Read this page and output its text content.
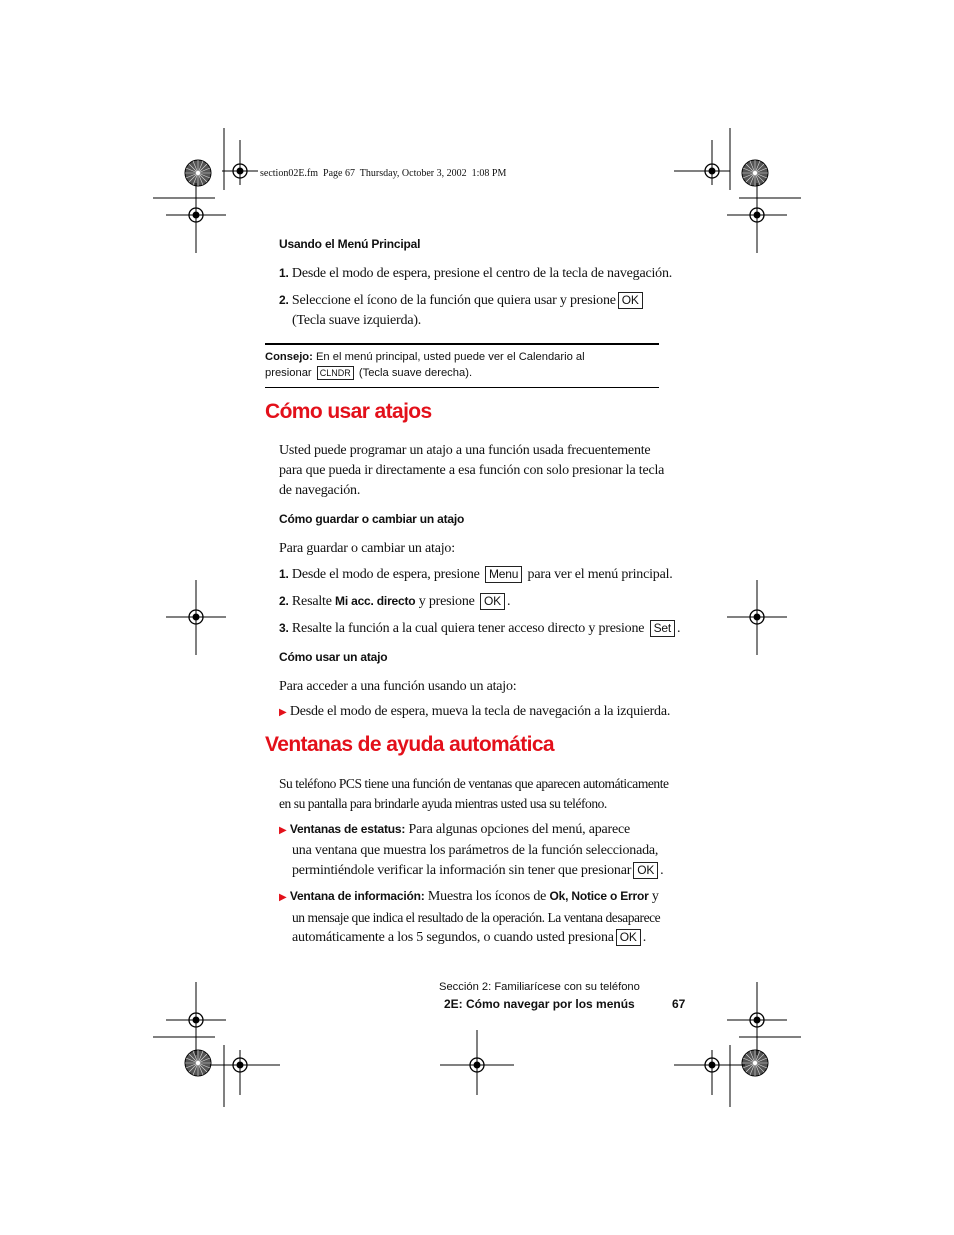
section02E.fm  Page 67  Thursday, October 3, 2002  1:08 PM
Usando el Menú Principal
1. Desde el modo de espera, presione el centro de la tecla de navegación.
2. Seleccione el ícono de la función que quiera usar y presione OK
(Tecla suave izquierda).
Consejo: En el menú principal, usted puede ver el Calendario al
presionar CLNDR (Tecla suave derecha).
Cómo usar atajos
Usted puede programar un atajo a una función usada frecuentemente
para que pueda ir directamente a esa función con solo presionar la tecla
de navegación.
Cómo guardar o cambiar un atajo
Para guardar o cambiar un atajo:
1. Desde el modo de espera, presione Menu para ver el menú principal.
2. Resalte Mi acc. directo y presione OK .
3. Resalte la función a la cual quiera tener acceso directo y presione Set .
Cómo usar un atajo
Para acceder a una función usando un atajo:
▶ Desde el modo de espera, mueva la tecla de navegación a la izquierda.
Ventanas de ayuda automática
Su teléfono PCS tiene una función de ventanas que aparecen automáticamente
en su pantalla para brindarle ayuda mientras usted usa su teléfono.
▶ Ventanas de estatus: Para algunas opciones del menú, aparece
una ventana que muestra los parámetros de la función seleccionada,
permintiéndole verificar la información sin tener que presionar OK .
▶ Ventana de información: Muestra los íconos de Ok, Notice o Error y
un mensaje que indica el resultado de la operación. La ventana desaparece
automáticamente a los 5 segundos, o cuando usted presiona OK .
Sección 2: Familiarícese con su teléfono
2E: Cómo navegar por los menús	67
